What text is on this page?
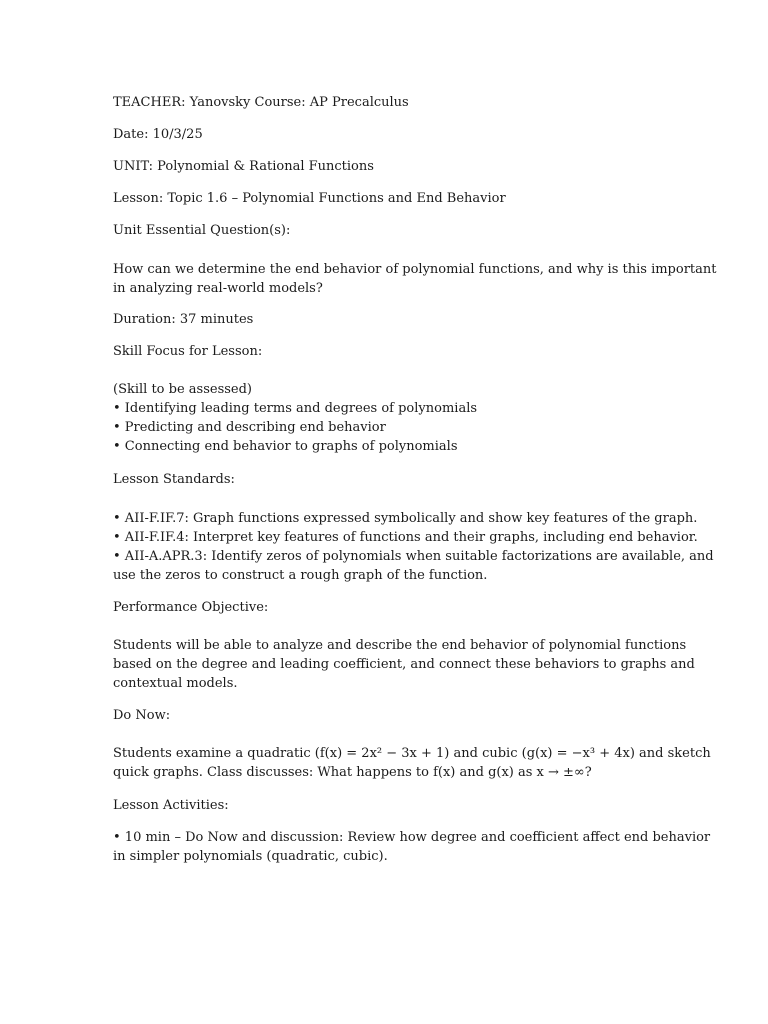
TEACHER: Yanovsky Course: AP Precalculus
Date: 10/3/25
UNIT: Polynomial & Rational Functions
Lesson: Topic 1.6 – Polynomial Functions and End Behavior
Unit Essential Question(s):
How can we determine the end behavior of polynomial functions, and why is this important
in analyzing real-world models?
Duration: 37 minutes
Skill Focus for Lesson:
(Skill to be assessed)
• Identifying leading terms and degrees of polynomials
• Predicting and describing end behavior
• Connecting end behavior to graphs of polynomials
Lesson Standards:
• AII-F.IF.7: Graph functions expressed symbolically and show key features of the graph.
• AII-F.IF.4: Interpret key features of functions and their graphs, including end behavior.
• AII-A.APR.3: Identify zeros of polynomials when suitable factorizations are available, and
use the zeros to construct a rough graph of the function.
Performance Objective:
Students will be able to analyze and describe the end behavior of polynomial functions
based on the degree and leading coefficient, and connect these behaviors to graphs and
contextual models.
Do Now:
Students examine a quadratic (f(x) = 2x² − 3x + 1) and cubic (g(x) = −x³ + 4x) and sketch
quick graphs. Class discusses: What happens to f(x) and g(x) as x → ±∞?
Lesson Activities:
• 10 min – Do Now and discussion: Review how degree and coefficient affect end behavior
in simpler polynomials (quadratic, cubic).
